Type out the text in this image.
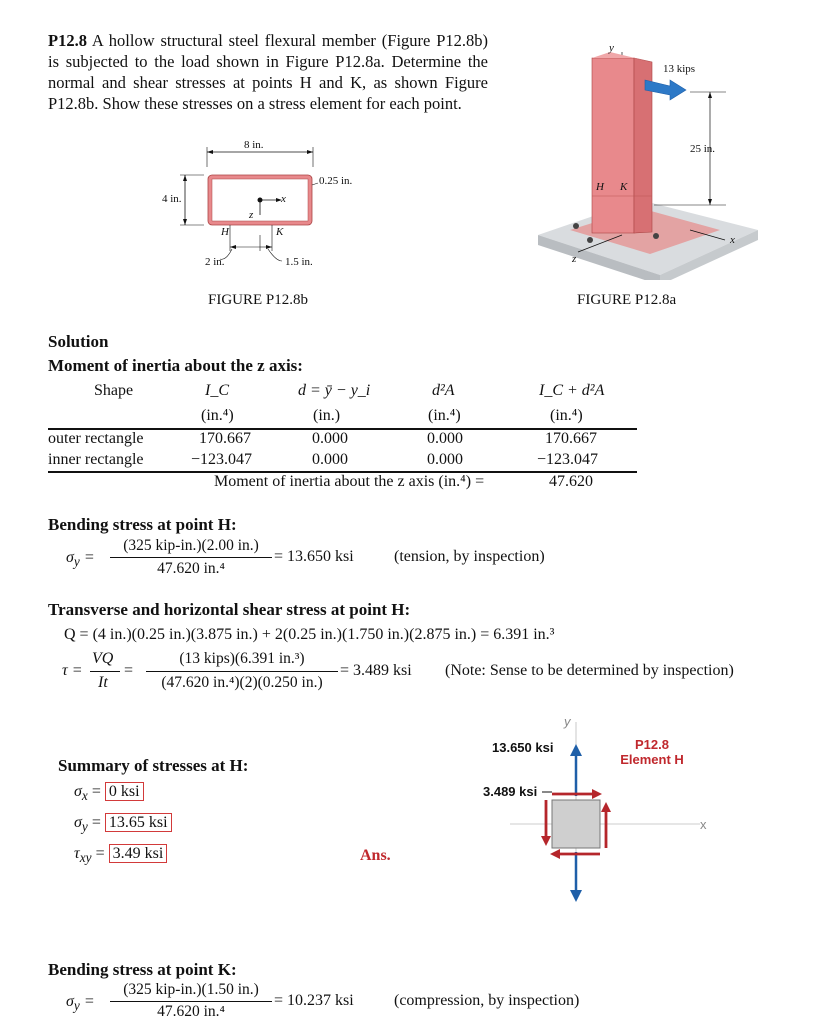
P12.8 A hollow structural steel flexural member (Figure P12.8b) is subjected to the load shown in Figure P12.8a. Determine the normal and shear stresses at points H and K, as shown Figure P12.8b. Show these stresses on a stress element for each point.
8 in.
4 in.
0.25 in.
x
z
H	K
2 in.	1.5 in.
FIGURE P12.8b
y
13 kips
25 in.
H K
x
z
FIGURE P12.8a
Solution
Moment of inertia about the z axis:
Shape	I_C	d = ȳ − y_i	d²A	I_C + d²A
(in.⁴)	(in.)	(in.⁴)	(in.⁴)
outer rectangle	170.667	0.000	0.000	170.667
inner rectangle	−123.047	0.000	0.000	−123.047
Moment of inertia about the z axis (in.⁴) =	47.620
Bending stress at point H:
$\sigma_y$ =
(325 kip-in.)(2.00 in.)
47.620 in.⁴
= 13.650 ksi	(tension, by inspection)
Transverse and horizontal shear stress at point H:
Q = (4 in.)(0.25 in.)(3.875 in.) + 2(0.25 in.)(1.750 in.)(2.875 in.) = 6.391 in.³
τ =
VQ
It
=
(13 kips)(6.391 in.³)
(47.620 in.⁴)(2)(0.250 in.)
= 3.489 ksi (Note: Sense to be determined by inspection)
Summary of stresses at H:
$\sigma_x = 0$ ksi
$\sigma_y = 13.65$ ksi
$\tau_{xy} = 3.49$ ksi	Ans.
y
13.650 ksi
3.489 ksi
x
P12.8
Element H
Bending stress at point K:
$\sigma_y$ =
(325 kip-in.)(1.50 in.)
47.620 in.⁴
= 10.237 ksi	(compression, by inspection)
